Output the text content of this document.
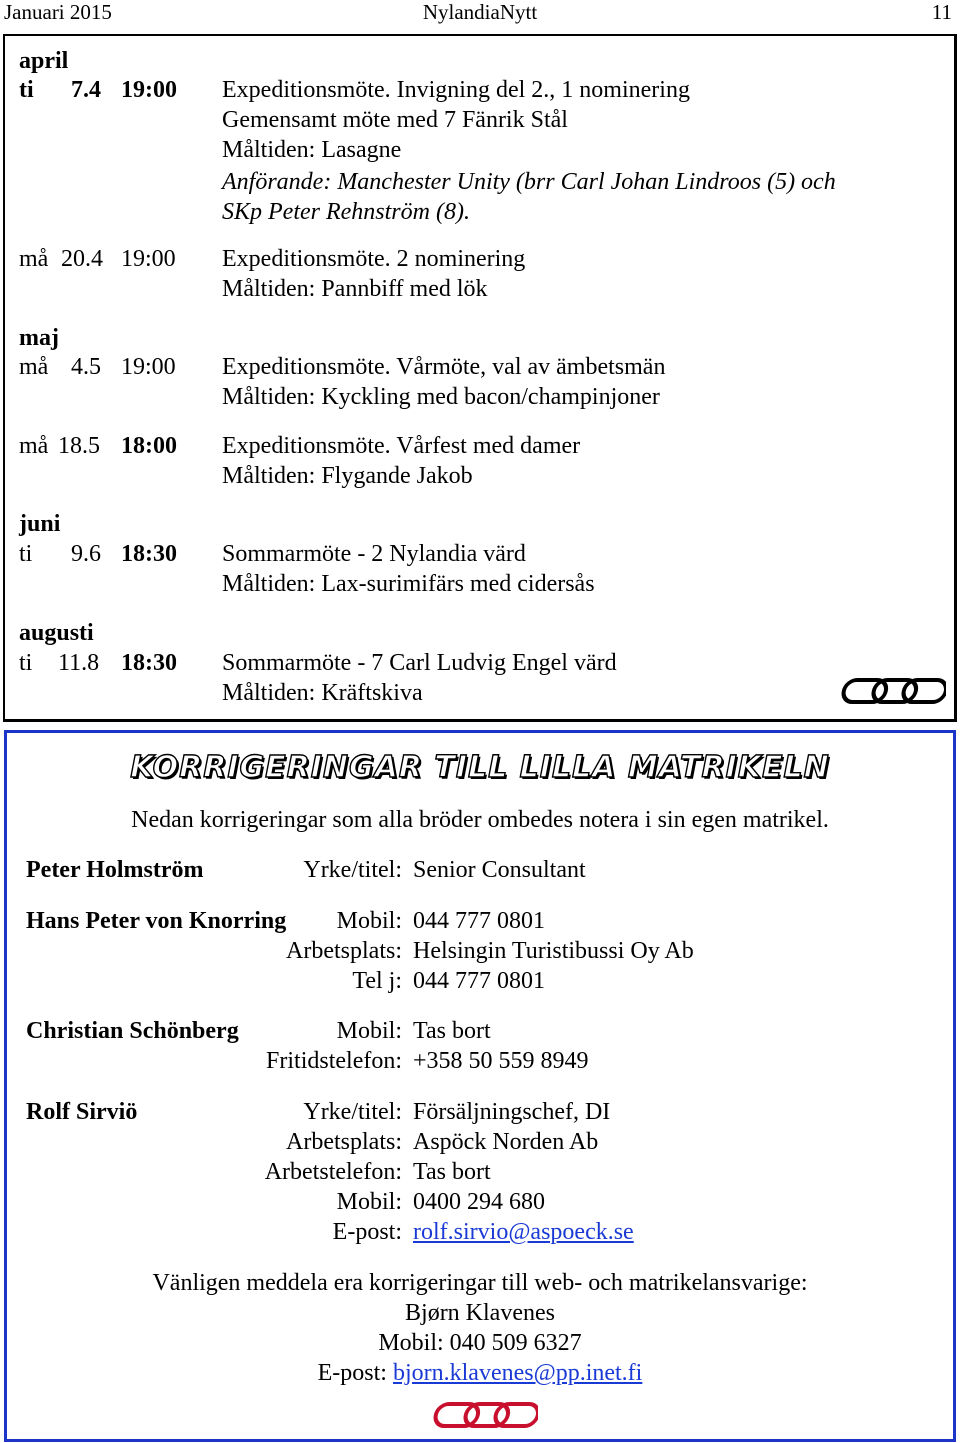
Januari 2015	NylandiaNytt	11
april
ti 7.4 19:00 Expeditionsmöte. Invigning del 2., 1 nominering
Gemensamt möte med 7 Fänrik Stål
Måltiden: Lasagne
Anförande: Manchester Unity (brr Carl Johan Lindroos (5) och
SKp Peter Rehnström (8).
må 20.4 19:00 Expeditionsmöte. 2 nominering
Måltiden: Pannbiff med lök
maj
må 4.5 19:00 Expeditionsmöte. Vårmöte, val av ämbetsmän
Måltiden: Kyckling med bacon/champinjoner
må 18.5 18:00 Expeditionsmöte. Vårfest med damer
Måltiden: Flygande Jakob
juni
ti 9.6 18:30 Sommarmöte - 2 Nylandia värd
Måltiden: Lax-surimifärs med cidersås
augusti
ti 11.8 18:30 Sommarmöte - 7 Carl Ludvig Engel värd
Måltiden: Kräftskiva
KORRIGERINGAR TILL LILLA MATRIKELN
Nedan korrigeringar som alla bröder ombedes notera i sin egen matrikel.
Peter Holmström	Yrke/titel: Senior Consultant
Hans Peter von Knorring	Mobil: 044 777 0801
Arbetsplats: Helsingin Turistibussi Oy Ab
Tel j: 044 777 0801
Christian Schönberg	Mobil: Tas bort
Fritidstelefon: +358 50 559 8949
Rolf Sirviö	Yrke/titel: Försäljningschef, DI
Arbetsplats: Aspöck Norden Ab
Arbetstelefon: Tas bort
Mobil: 0400 294 680
E-post: rolf.sirvio@aspoeck.se
Vänligen meddela era korrigeringar till web- och matrikelansvarige:
Bjørn Klavenes
Mobil: 040 509 6327
E-post: bjorn.klavenes@pp.inet.fi
